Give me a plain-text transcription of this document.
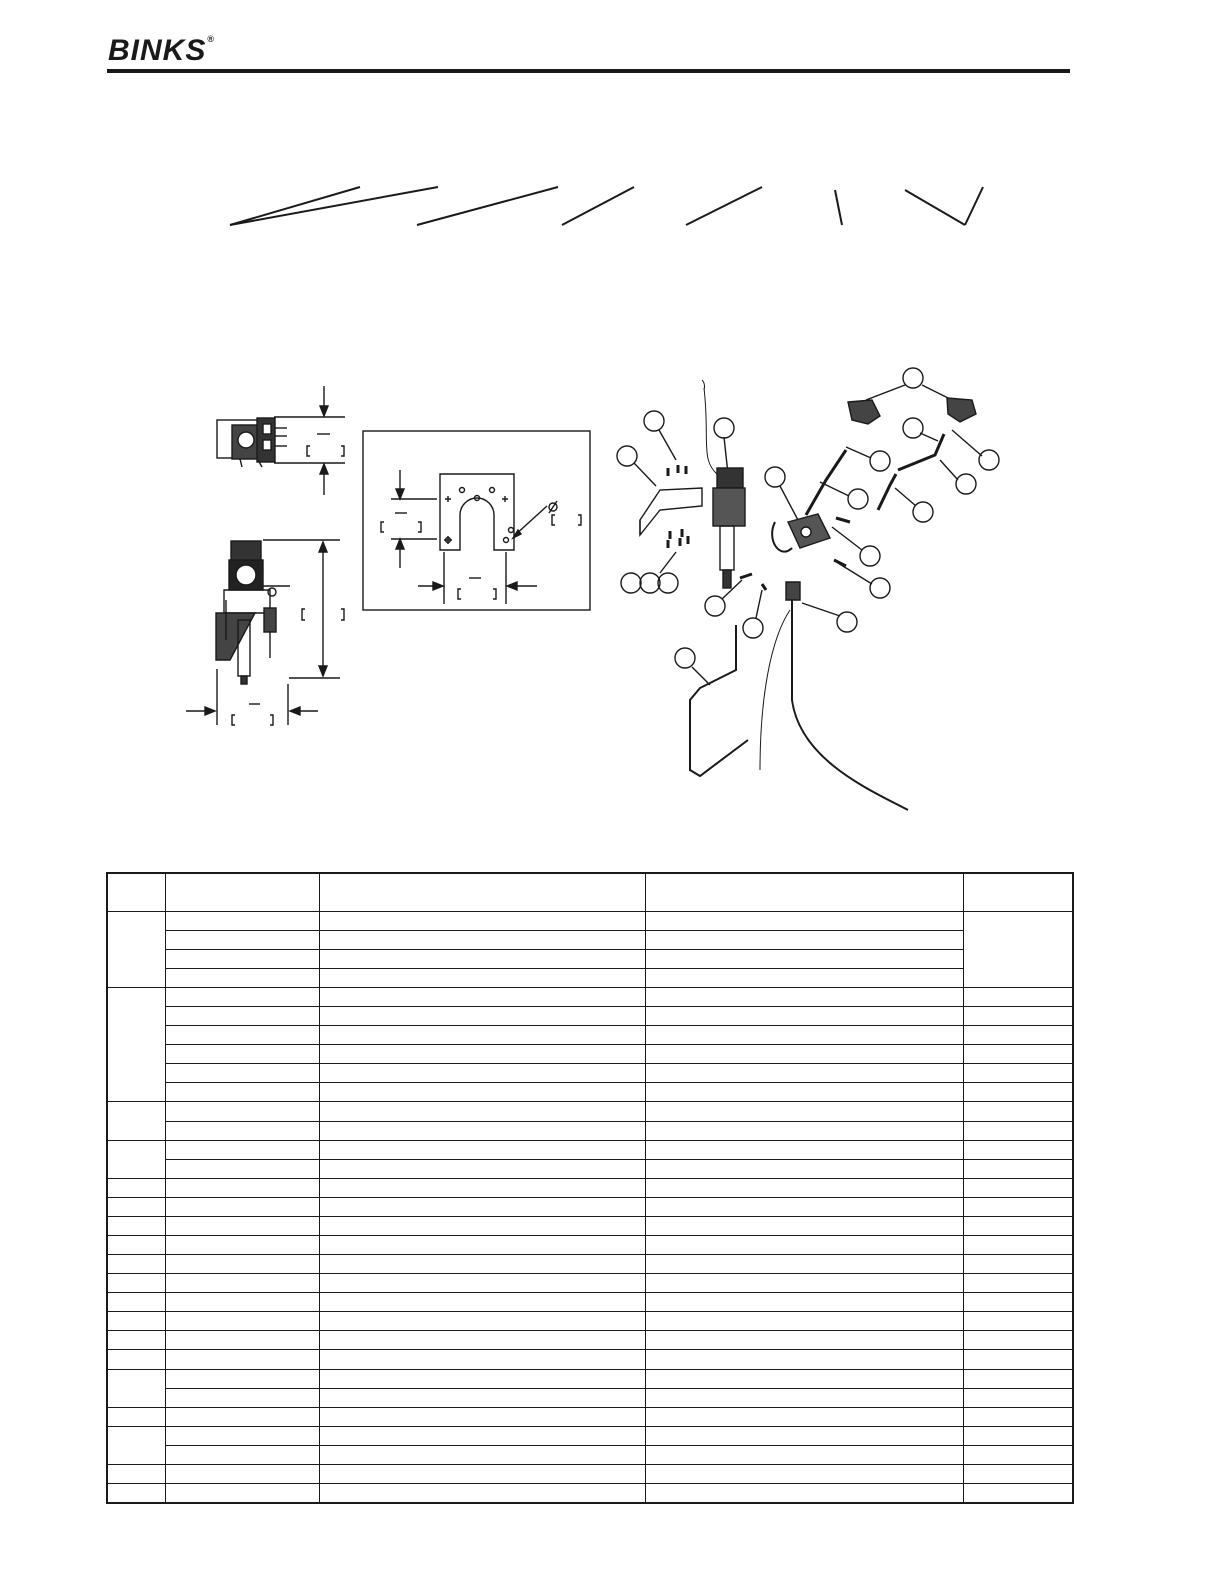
BINKS®
